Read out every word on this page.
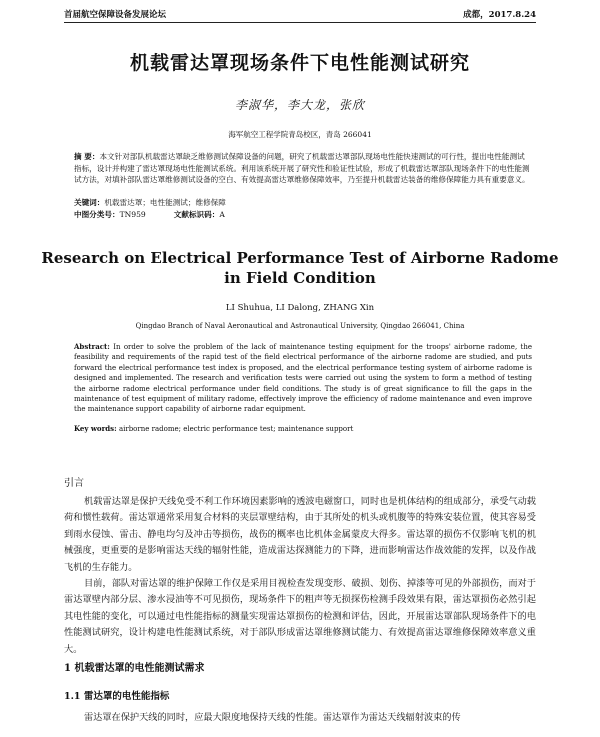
首届航空保障设备发展论坛	成都，2017.8.24
机载雷达罩现场条件下电性能测试研究
李淑华，李大龙，张欣
海军航空工程学院青岛校区，青岛 266041
摘 要：本文针对部队机载雷达罩缺乏维修测试保障设备的问题，研究了机载雷达罩部队现场电性能快速测试的可行性，提出电性能测试指标，设计并构建了雷达罩现场电性能测试系统。利用该系统开展了研究性和验证性试验，形成了机载雷达罩部队现场条件下的电性能测试方法，对填补部队雷达罩维修测试设备的空白、有效提高雷达罩维修保障效率，乃至提升机载雷达装备的维修保障能力具有重要意义。
关键词：机载雷达罩；电性能测试；维修保障
中图分类号：TN959	文献标识码：A
Research on Electrical Performance Test of Airborne Radome
in Field Condition
LI Shuhua, LI Dalong, ZHANG Xin
Qingdao Branch of Naval Aeronautical and Astronautical University, Qingdao 266041, China
Abstract: In order to solve the problem of the lack of maintenance testing equipment for the troops' airborne radome, the feasibility and requirements of the rapid test of the field electrical performance of the airborne radome are studied, and puts forward the electrical performance test index is proposed, and the electrical performance testing system of airborne radome is designed and implemented. The research and verification tests were carried out using the system to form a method of testing the airborne radome electrical performance under field conditions. The study is of great significance to fill the gaps in the maintenance of test equipment of military radome, effectively improve the efficiency of radome maintenance and even improve the maintenance support capability of airborne radar equipment.
Key words: airborne radome; electric performance test; maintenance support
引言
机载雷达罩是保护天线免受不利工作环境因素影响的透波电磁窗口，同时也是机体结构的组成部分，承受气动载荷和惯性载荷。雷达罩通常采用复合材料的夹层罩壁结构，由于其所处的机头或机腹等的特殊安装位置，使其容易受到雨水侵蚀、雷击、静电均匀及冲击等损伤，战伤的概率也比机体金属蒙皮大得多。雷达罩的损伤不仅影响飞机的机械强度，更重要的是影响雷达天线的辐射性能，造成雷达探测能力的下降，进而影响雷达作战效能的发挥，以及作战飞机的生存能力。
目前，部队对雷达罩的维护保障工作仅是采用目视检查发现变形、破损、划伤、掉漆等可见的外部损伤，而对于雷达罩壁内部分层、渗水浸油等不可见损伤，现场条件下的粗声等无损探伤检测手段效果有限，雷达罩损伤必然引起其电性能的变化，可以通过电性能指标的测量实现雷达罩损伤的检测和评估，因此，开展雷达罩部队现场条件下的电性能测试研究，设计构建电性能测试系统，对于部队形成雷达罩维修测试能力、有效提高雷达罩维修保障效率意义重大。
1 机载雷达罩的电性能测试需求
1.1 雷达罩的电性能指标
雷达罩在保护天线的同时，应最大限度地保持天线的性能。雷达罩作为雷达天线辐射波束的传
